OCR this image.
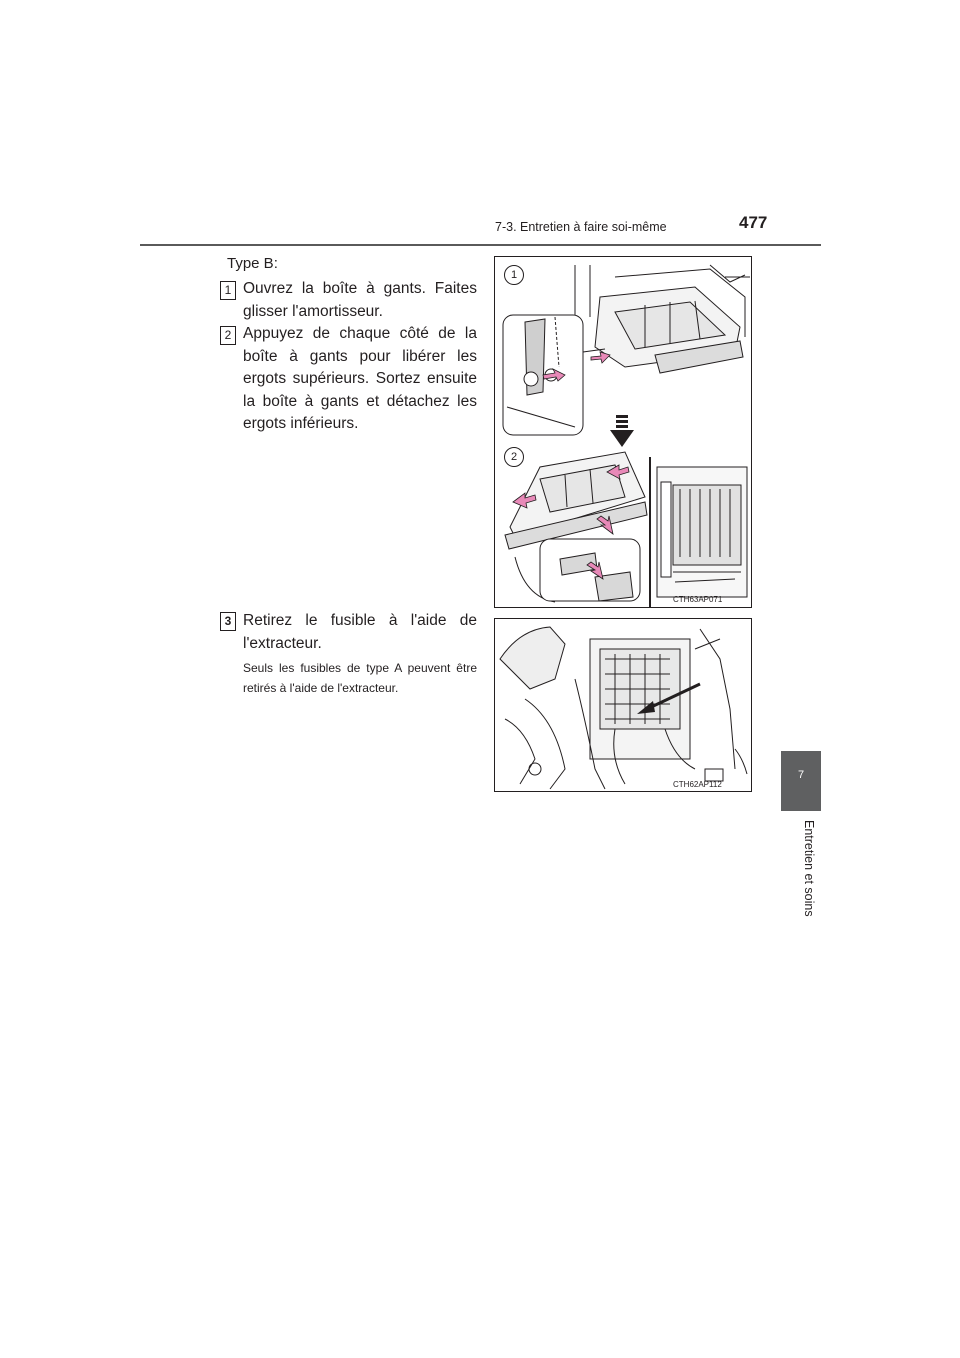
7-3. Entretien à faire soi-même	477
7
Entretien et soins
Type B:
1 Ouvrez la boîte à gants. Faites glisser l'amortisseur.
2 Appuyez de chaque côté de la boîte à gants pour libérer les ergots supérieurs. Sortez ensuite la boîte à gants et détachez les ergots inférieurs.
3 Retirez le fusible à l'aide de l'extracteur.
Seuls les fusibles de type A peuvent être retirés à l'aide de l'extracteur.
1
2
CTH63AP071
CTH62AP112
